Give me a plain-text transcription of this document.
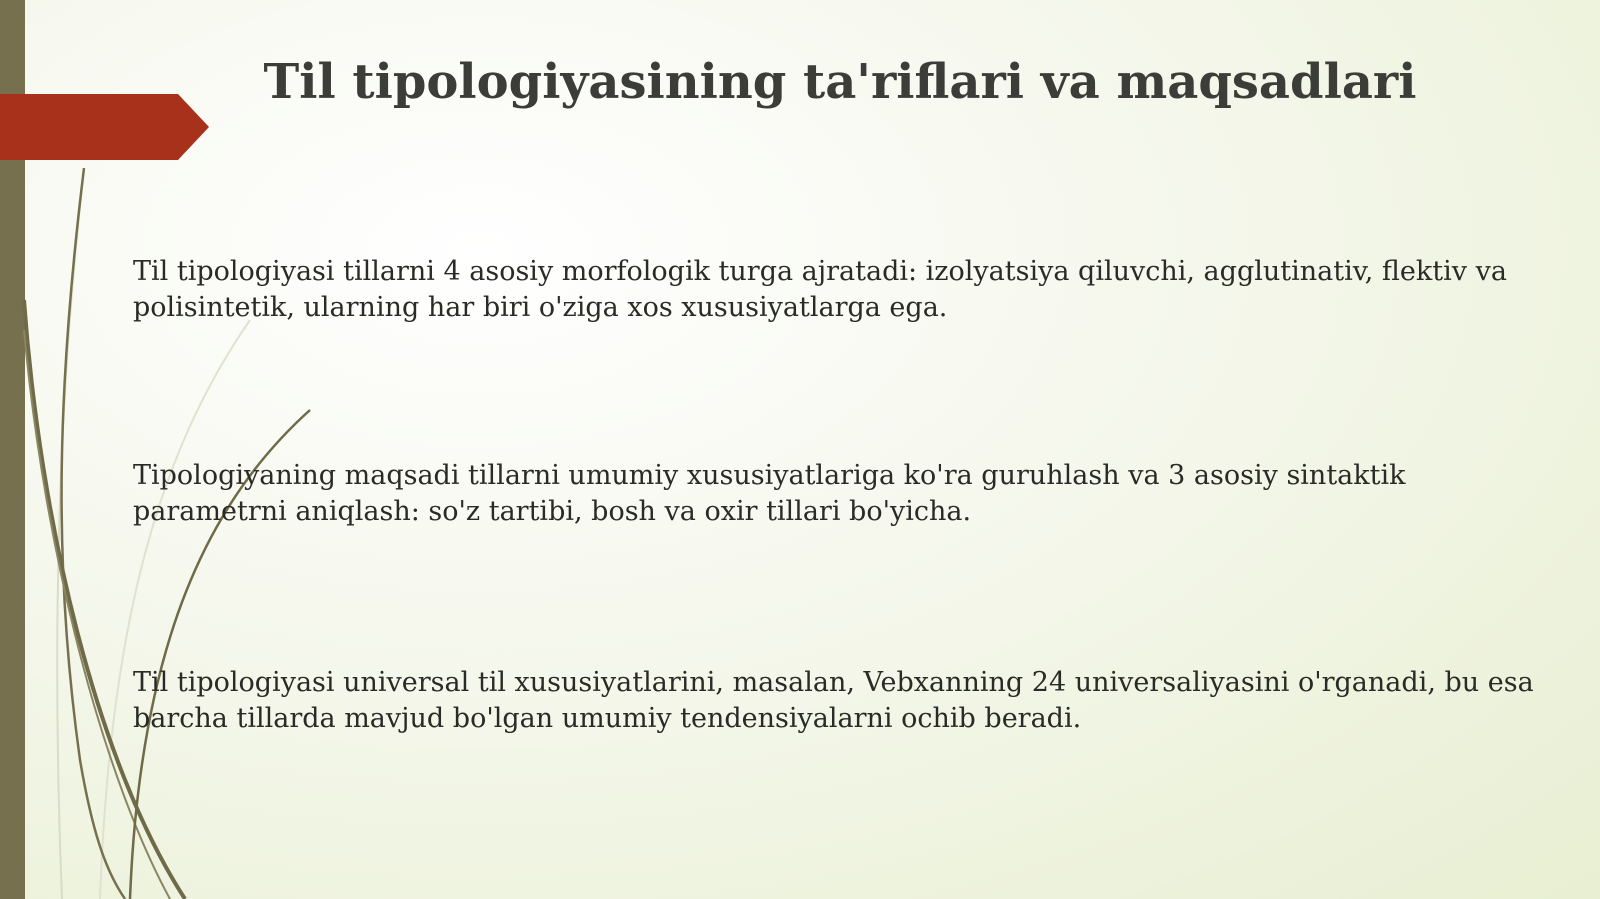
Til tipologiyasining ta'riflari va maqsadlari

Til tipologiyasi tillarni 4 asosiy morfologik turga ajratadi: izolyatsiya qiluvchi, agglutinativ, flektiv va polisintetik, ularning har biri o'ziga xos xususiyatlarga ega.

Tipologiyaning maqsadi tillarni umumiy xususiyatlariga ko'ra guruhlash va 3 asosiy sintaktik parametrni aniqlash: so'z tartibi, bosh va oxir tillari bo'yicha.

Til tipologiyasi universal til xususiyatlarini, masalan, Vebxanning 24 universaliyasini o'rganadi, bu esa barcha tillarda mavjud bo'lgan umumiy tendensiyalarni ochib beradi.
